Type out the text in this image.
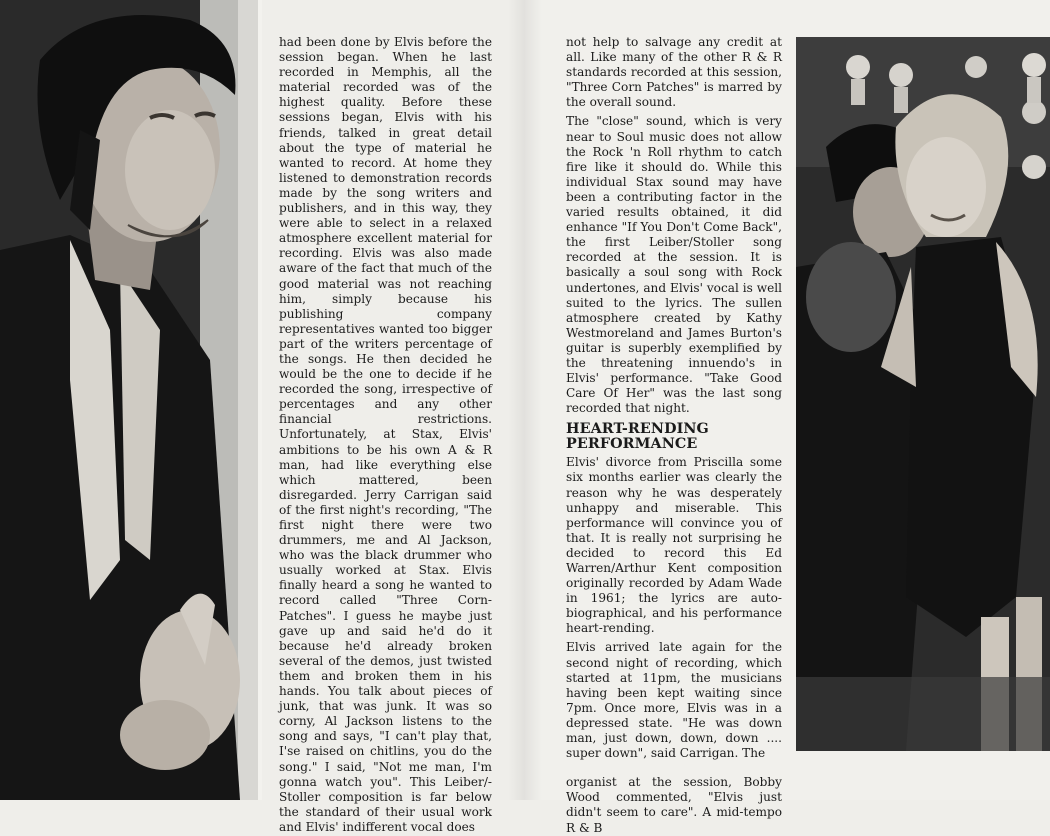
had been done by Elvis before the session began. When he last recorded in Memphis, all the material recorded was of the highest quality. Before these sessions began, Elvis with his friends, talked in great detail about the type of material he wanted to record. At home they listened to demonstration records made by the song writers and publishers, and in this way, they were able to select in a relaxed atmosphere excellent material for recording. Elvis was also made aware of the fact that much of the good material was not reaching him, simply because his publishing company representatives wanted too bigger part of the writers percentage of the songs. He then decided he would be the one to decide if he recorded the song, irrespective of percentages and any other financial restrictions. Unfortunately, at Stax, Elvis' ambitions to be his own A & R man, had like everything else which mattered, been disregarded. Jerry Carrigan said of the first night's recording, "The first night there were two drummers, me and Al Jackson, who was the black drummer who usually worked at Stax. Elvis finally heard a song he wanted to record called "Three Corn-Patches". I guess he maybe just gave up and said he'd do it because he'd already broken several of the demos, just twisted them and broken them in his hands. You talk about pieces of junk, that was junk. It was so corny, Al Jackson listens to the song and says, "I can't play that, I'se raised on chitlins, you do the song." I said, "Not me man, I'm gonna watch you". This Leiber/-Stoller composition is far below the standard of their usual work and Elvis' indifferent vocal does

not help to salvage any credit at all. Like many of the other R & R standards recorded at this session, "Three Corn Patches" is marred by the overall sound.

The "close" sound, which is very near to Soul music does not allow the Rock 'n Roll rhythm to catch fire like it should do. While this individual Stax sound may have been a contributing factor in the varied results obtained, it did enhance "If You Don't Come Back", the first Leiber/Stoller song recorded at the session. It is basically a soul song with Rock undertones, and Elvis' vocal is well suited to the lyrics. The sullen atmosphere created by Kathy Westmoreland and James Burton's guitar is superbly exemplified by the threatening innuendo's in Elvis' performance. "Take Good Care Of Her" was the last song recorded that night.

HEART-RENDING PERFORMANCE

Elvis' divorce from Priscilla some six months earlier was clearly the reason why he was desperately unhappy and miserable. This performance will convince you of that. It is really not surprising he decided to record this Ed Warren/Arthur Kent composition originally recorded by Adam Wade in 1961; the lyrics are auto-biographical, and his performance heart-rending.

Elvis arrived late again for the second night of recording, which started at 11pm, the musicians having been kept waiting since 7pm. Once more, Elvis was in a depressed state. "He was down man, just down, down, down .... super down", said Carrigan. The

organist at the session, Bobby Wood commented, "Elvis just didn't seem to care". A mid-tempo R & B
